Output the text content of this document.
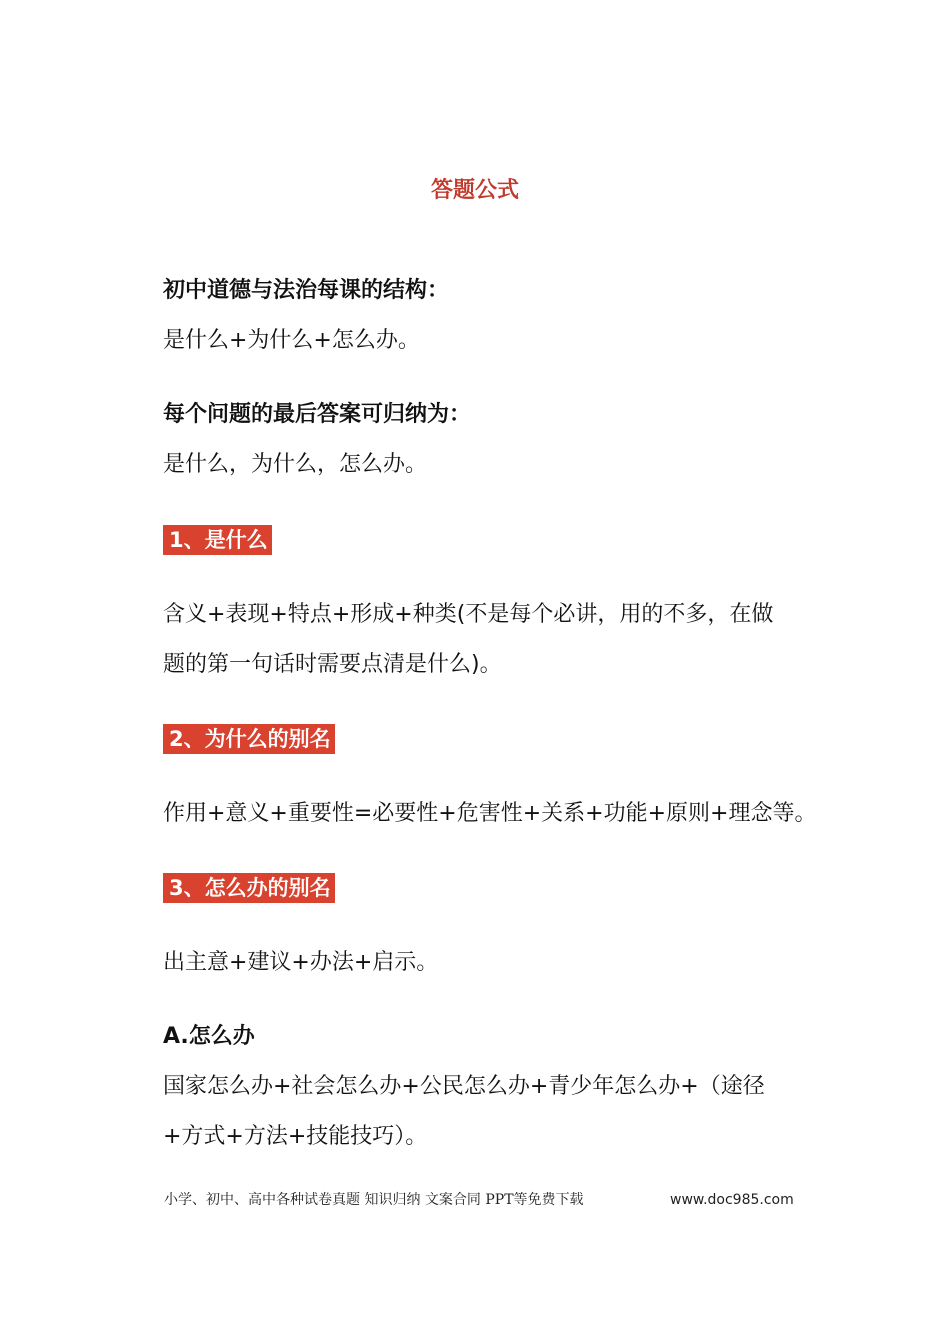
答题公式
初中道德与法治每课的结构：
是什么+为什么+怎么办。
每个问题的最后答案可归纳为：
是什么，为什么，怎么办。
1、是什么
含义+表现+特点+形成+种类(不是每个必讲，用的不多，在做
题的第一句话时需要点清是什么)。
2、为什么的别名
作用+意义+重要性=必要性+危害性+关系+功能+原则+理念等。
3、怎么办的别名
出主意+建议+办法+启示。
A.怎么办
国家怎么办+社会怎么办+公民怎么办+青少年怎么办+（途径
+方式+方法+技能技巧）。
小学、初中、高中各种试卷真题 知识归纳 文案合同 PPT等免费下载	www.doc985.com
